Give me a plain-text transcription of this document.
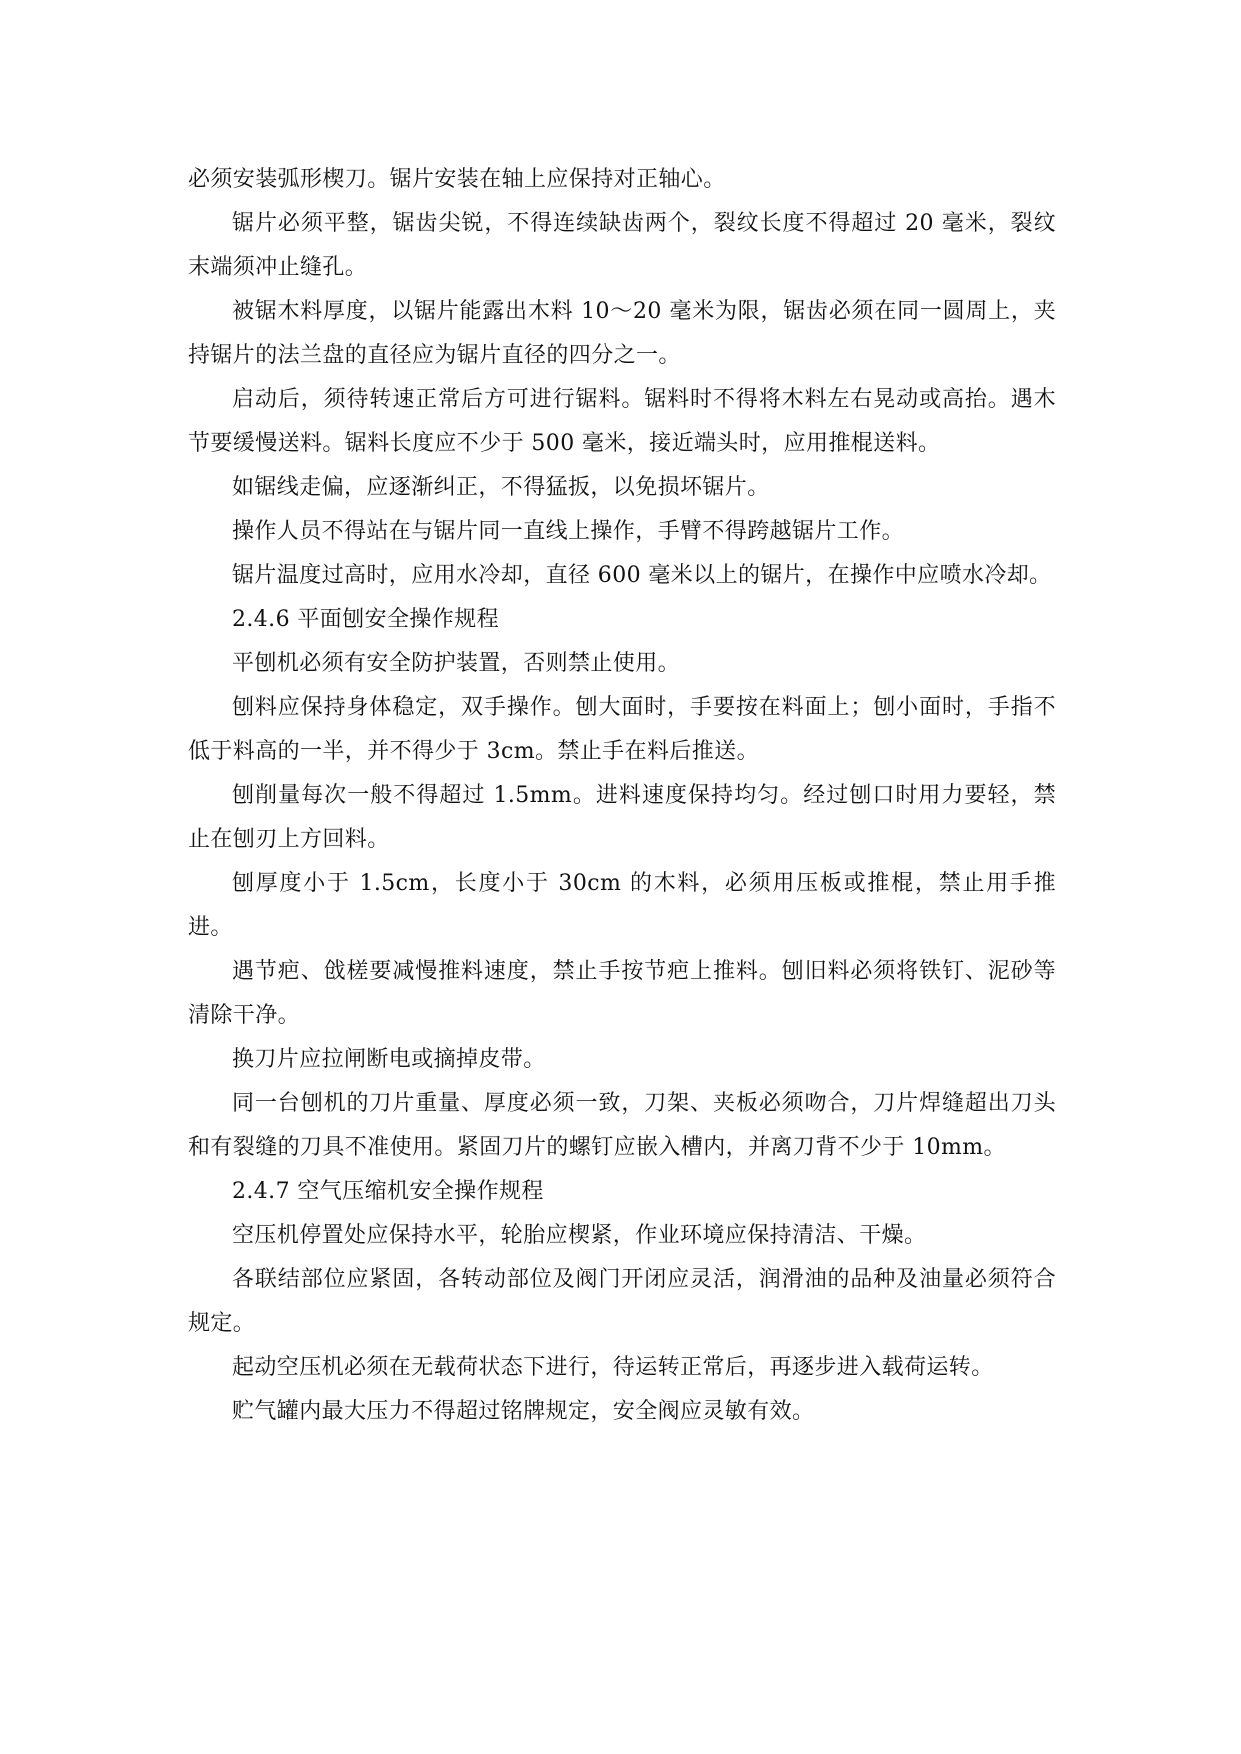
必须安装弧形楔刀。锯片安装在轴上应保持对正轴心。

锯片必须平整，锯齿尖锐，不得连续缺齿两个，裂纹长度不得超过 20 毫米，裂纹末端须冲止缝孔。

被锯木料厚度，以锯片能露出木料 10～20 毫米为限，锯齿必须在同一圆周上，夹持锯片的法兰盘的直径应为锯片直径的四分之一。

启动后，须待转速正常后方可进行锯料。锯料时不得将木料左右晃动或高抬。遇木节要缓慢送料。锯料长度应不少于 500 毫米，接近端头时，应用推棍送料。

如锯线走偏，应逐渐纠正，不得猛扳，以免损坏锯片。

操作人员不得站在与锯片同一直线上操作，手臂不得跨越锯片工作。

锯片温度过高时，应用水冷却，直径 600 毫米以上的锯片，在操作中应喷水冷却。

2.4.6 平面刨安全操作规程

平刨机必须有安全防护装置，否则禁止使用。

刨料应保持身体稳定，双手操作。刨大面时，手要按在料面上；刨小面时，手指不低于料高的一半，并不得少于 3cm。禁止手在料后推送。

刨削量每次一般不得超过 1.5mm。进料速度保持均匀。经过刨口时用力要轻，禁止在刨刃上方回料。

刨厚度小于 1.5cm，长度小于 30cm 的木料，必须用压板或推棍，禁止用手推进。

遇节疤、戗槎要减慢推料速度，禁止手按节疤上推料。刨旧料必须将铁钉、泥砂等清除干净。

换刀片应拉闸断电或摘掉皮带。

同一台刨机的刀片重量、厚度必须一致，刀架、夹板必须吻合，刀片焊缝超出刀头和有裂缝的刀具不准使用。紧固刀片的螺钉应嵌入槽内，并离刀背不少于 10mm。

2.4.7 空气压缩机安全操作规程

空压机停置处应保持水平，轮胎应楔紧，作业环境应保持清洁、干燥。

各联结部位应紧固，各转动部位及阀门开闭应灵活，润滑油的品种及油量必须符合规定。

起动空压机必须在无载荷状态下进行，待运转正常后，再逐步进入载荷运转。

贮气罐内最大压力不得超过铭牌规定，安全阀应灵敏有效。
